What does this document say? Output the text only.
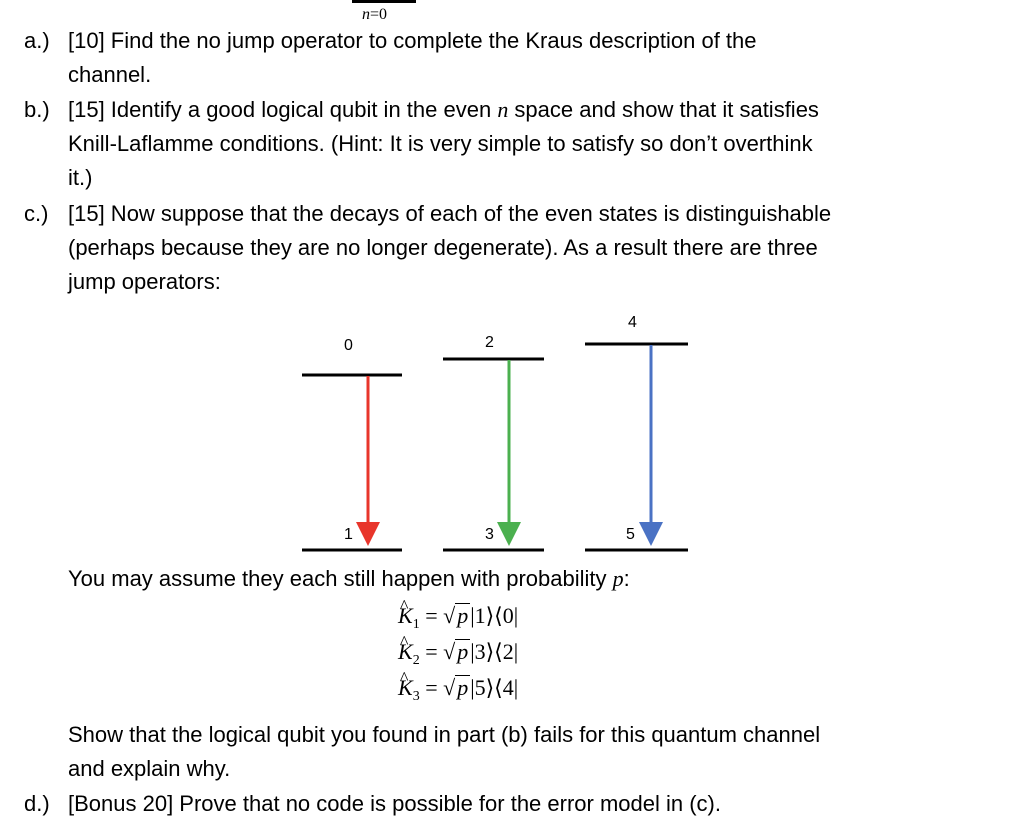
n=0
a.) [10] Find the no jump operator to complete the Kraus description of the
channel.
b.) [15] Identify a good logical qubit in the even n space and show that it satisfies
Knill-Laflamme conditions. (Hint: It is very simple to satisfy so don’t overthink
it.)
c.) [15] Now suppose that the decays of each of the even states is distinguishable
(perhaps because they are no longer degenerate). As a result there are three
jump operators:
0
1
2
3
4
5
You may assume they each still happen with probability p:
^ $K_1$ = √p|1⟩⟨0|
^ $K_2$ = √p|3⟩⟨2|
^ $K_3$ = √p|5⟩⟨4|
Show that the logical qubit you found in part (b) fails for this quantum channel
and explain why.
d.) [Bonus 20] Prove that no code is possible for the error model in (c).
